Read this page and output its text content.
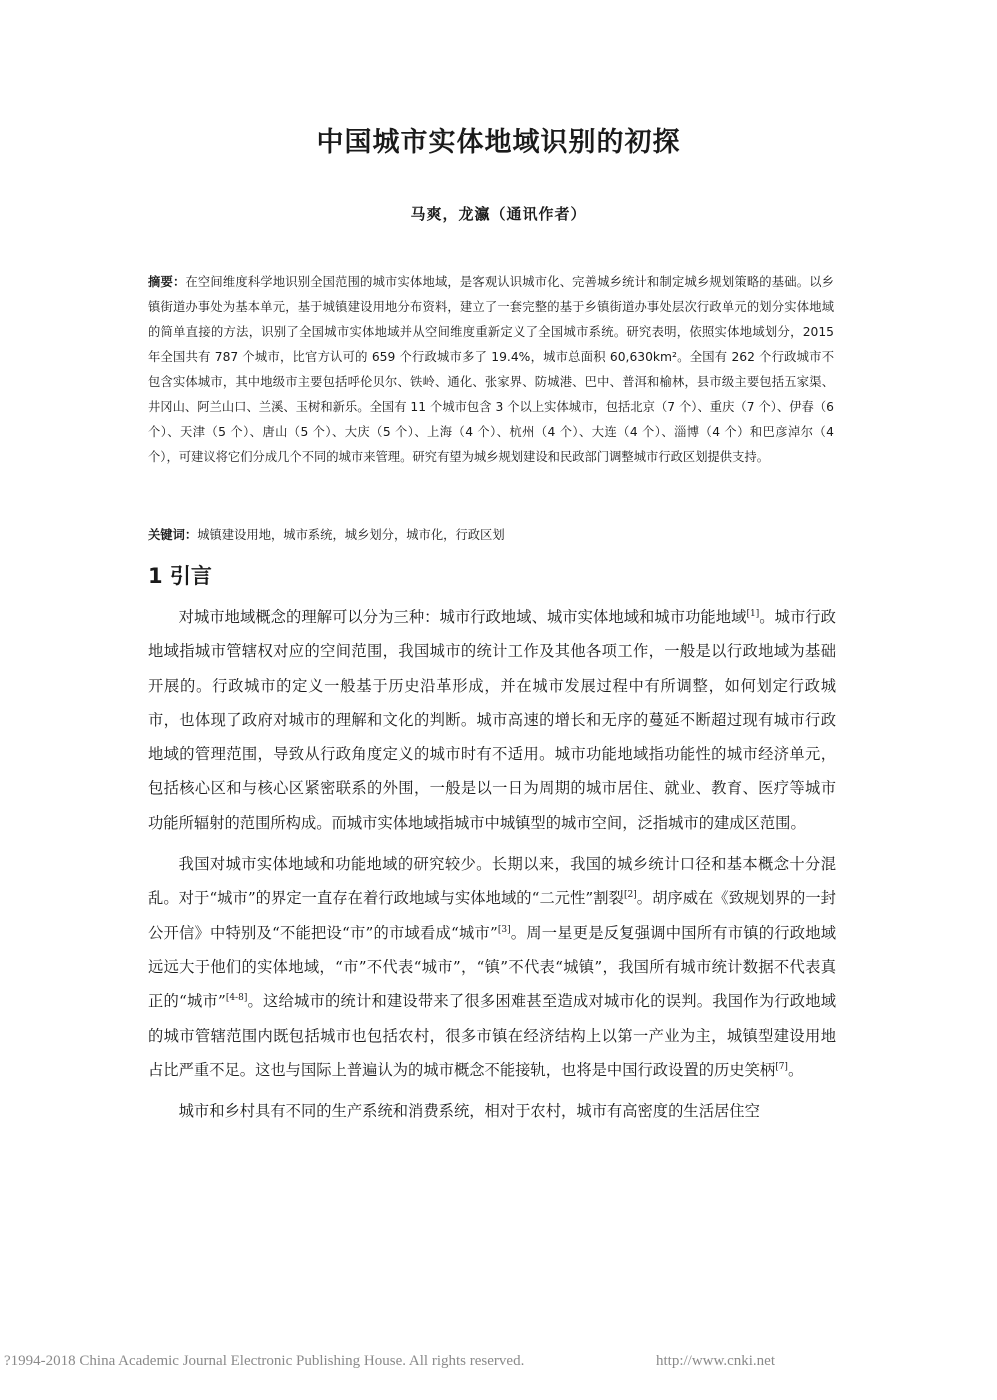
中国城市实体地域识别的初探
马爽，龙瀛（通讯作者）
摘要：在空间维度科学地识别全国范围的城市实体地域，是客观认识城市化、完善城乡统计和制定城乡规划策略的基础。以乡镇街道办事处为基本单元，基于城镇建设用地分布资料，建立了一套完整的基于乡镇街道办事处层次行政单元的划分实体地域的简单直接的方法，识别了全国城市实体地域并从空间维度重新定义了全国城市系统。研究表明，依照实体地域划分，2015 年全国共有 787 个城市，比官方认可的 659 个行政城市多了 19.4%，城市总面积 60,630km²。全国有 262 个行政城市不包含实体城市，其中地级市主要包括呼伦贝尔、铁岭、通化、张家界、防城港、巴中、普洱和榆林，县市级主要包括五家渠、井冈山、阿兰山口、兰溪、玉树和新乐。全国有 11 个城市包含 3 个以上实体城市，包括北京（7 个）、重庆（7 个）、伊春（6 个）、天津（5 个）、唐山（5 个）、大庆（5 个）、上海（4 个）、杭州（4 个）、大连（4 个）、淄博（4 个）和巴彦淖尔（4 个），可建议将它们分成几个不同的城市来管理。研究有望为城乡规划建设和民政部门调整城市行政区划提供支持。
关键词：城镇建设用地，城市系统，城乡划分，城市化，行政区划
1 引言

对城市地域概念的理解可以分为三种：城市行政地域、城市实体地域和城市功能地域[1]。城市行政地域指城市管辖权对应的空间范围，我国城市的统计工作及其他各项工作，一般是以行政地域为基础开展的。行政城市的定义一般基于历史沿革形成，并在城市发展过程中有所调整，如何划定行政城市，也体现了政府对城市的理解和文化的判断。城市高速的增长和无序的蔓延不断超过现有城市行政地域的管理范围，导致从行政角度定义的城市时有不适用。城市功能地域指功能性的城市经济单元，包括核心区和与核心区紧密联系的外围，一般是以一日为周期的城市居住、就业、教育、医疗等城市功能所辐射的范围所构成。而城市实体地域指城市中城镇型的城市空间，泛指城市的建成区范围。

我国对城市实体地域和功能地域的研究较少。长期以来，我国的城乡统计口径和基本概念十分混乱。对于“城市”的界定一直存在着行政地域与实体地域的“二元性”割裂[2]。胡序威在《致规划界的一封公开信》中特别及“不能把设“市”的市域看成“城市”[3]。周一星更是反复强调中国所有市镇的行政地域远远大于他们的实体地域，“市”不代表“城市”，“镇”不代表“城镇”，我国所有城市统计数据不代表真正的“城市”[4-8]。这给城市的统计和建设带来了很多困难甚至造成对城市化的误判。我国作为行政地域的城市管辖范围内既包括城市也包括农村，很多市镇在经济结构上以第一产业为主，城镇型建设用地占比严重不足。这也与国际上普遍认为的城市概念不能接轨，也将是中国行政设置的历史笑柄[7]。

城市和乡村具有不同的生产系统和消费系统，相对于农村，城市有高密度的生活居住空

?1994-2018 China Academic Journal Electronic Publishing House. All rights reserved.	http://www.cnki.net
